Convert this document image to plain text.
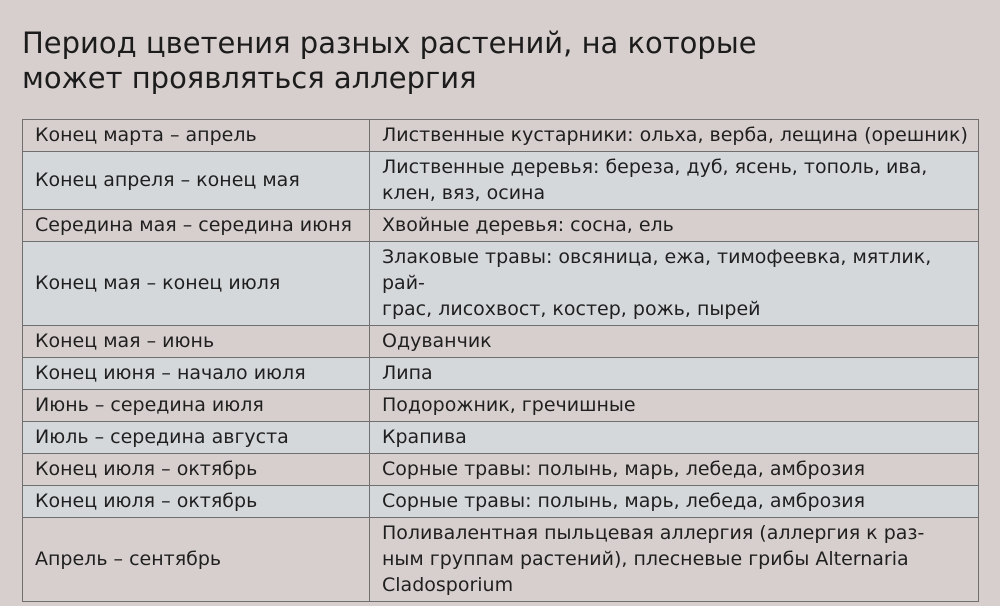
Период цветения разных растений, на которые
может проявляться аллергия
Конец марта – апрель	Лиственные кустарники: ольха, верба, лещина (орешник)

Конец апреля – конец мая	Лиственные деревья: береза, дуб, ясень, тополь, ива,
клен, вяз, осина

Середина мая – середина июня	Хвойные деревья: сосна, ель

Конец мая – конец июля	Злаковые травы: овсяница, ежа, тимофеевка, мятлик, рай-
грас, лисохвост, костер, рожь, пырей

Конец мая – июнь	Одуванчик

Конец июня – начало июля	Липа

Июнь – середина июля	Подорожник, гречишные

Июль – середина августа	Крапива

Конец июля – октябрь	Сорные травы: полынь, марь, лебеда, амброзия

Конец июля – октябрь	Сорные травы: полынь, марь, лебеда, амброзия

Апрель – сентябрь	Поливалентная пыльцевая аллергия (аллергия к раз-
ным группам растений), плесневые грибы Alternaria
Cladosporium
